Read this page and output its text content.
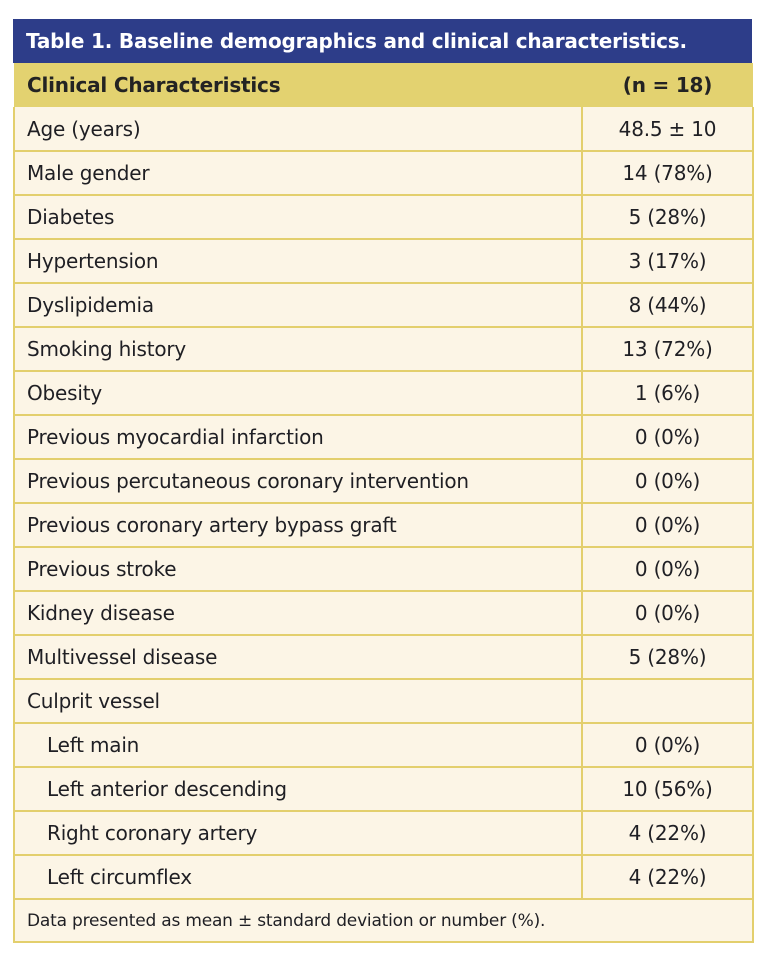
Table 1. Baseline demographics and clinical characteristics.
Clinical Characteristics	(n = 18)
Age (years)	48.5 ± 10
Male gender	14 (78%)
Diabetes	5 (28%)
Hypertension	3 (17%)
Dyslipidemia	8 (44%)
Smoking history	13 (72%)
Obesity	1 (6%)
Previous myocardial infarction	0 (0%)
Previous percutaneous coronary intervention	0 (0%)
Previous coronary artery bypass graft	0 (0%)
Previous stroke	0 (0%)
Kidney disease	0 (0%)
Multivessel disease	5 (28%)
Culprit vessel	
Left main	0 (0%)
Left anterior descending	10 (56%)
Right coronary artery	4 (22%)
Left circumflex	4 (22%)
Data presented as mean ± standard deviation or number (%).	
